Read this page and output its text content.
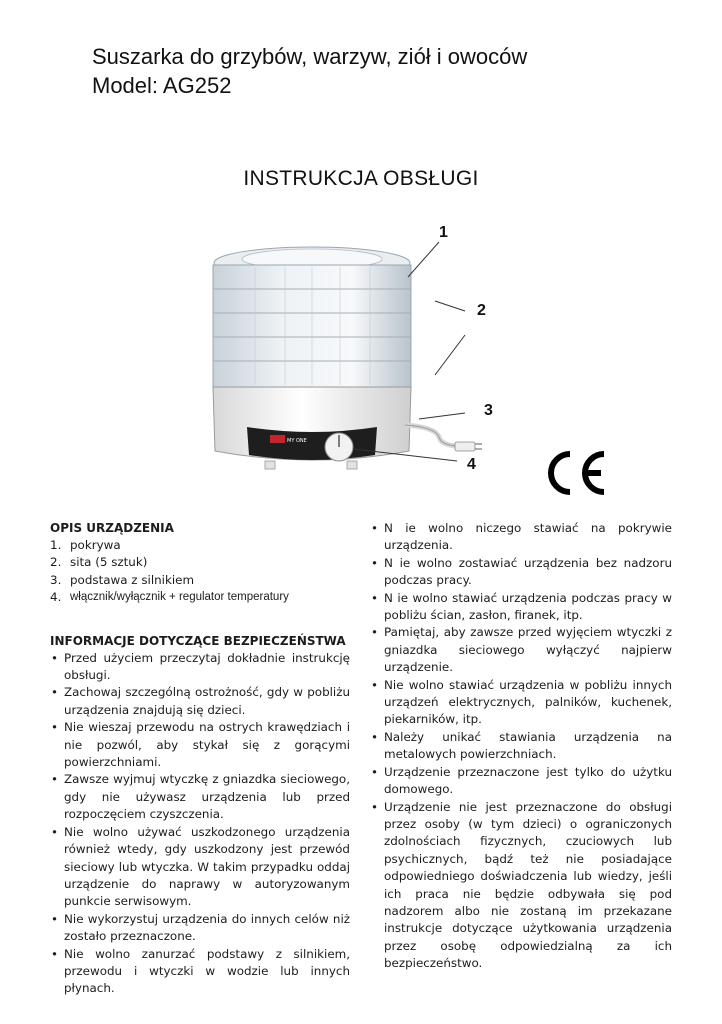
Suszarka do grzybów, warzyw, ziół i owoców
Model: AG252
INSTRUKCJA OBSŁUGI
MY ONE
1
2
3
4
OPIS URZĄDZENIA
1. pokrywa
2. sita (5 sztuk)
3. podstawa z silnikiem
4. włącznik/wyłącznik + regulator temperatury
INFORMACJE DOTYCZĄCE BEZPIECZEŃSTWA
• Przed użyciem przeczytaj dokładnie instrukcję obsługi.
• Zachowaj szczególną ostrożność, gdy w pobliżu urządzenia znajdują się dzieci.
• Nie wieszaj przewodu na ostrych krawędziach i nie pozwól, aby stykał się z gorącymi powierzchniami.
• Zawsze wyjmuj wtyczkę z gniazdka sieciowego, gdy nie używasz urządzenia lub przed rozpoczęciem czyszczenia.
• Nie wolno używać uszkodzonego urządzenia również wtedy, gdy uszkodzony jest przewód sieciowy lub wtyczka. W takim przypadku oddaj urządzenie do naprawy w autoryzowanym punkcie serwisowym.
• Nie wykorzystuj urządzenia do innych celów niż zostało przeznaczone.
• Nie wolno zanurzać podstawy z silnikiem, przewodu i wtyczki w wodzie lub innych płynach.
• N ie wolno niczego stawiać na pokrywie urządzenia.
• N ie wolno zostawiać urządzenia bez nadzoru podczas pracy.
• N ie wolno stawiać urządzenia podczas pracy w pobliżu ścian, zasłon, firanek, itp.
• Pamiętaj, aby zawsze przed wyjęciem wtyczki z gniazdka sieciowego wyłączyć najpierw urządzenie.
• Nie wolno stawiać urządzenia w pobliżu innych urządzeń elektrycznych, palników, kuchenek, piekarników, itp.
• Należy unikać stawiania urządzenia na metalowych powierzchniach.
• Urządzenie przeznaczone jest tylko do użytku domowego.
• Urządzenie nie jest przeznaczone do obsługi przez osoby (w tym dzieci) o ograniczonych zdolnościach fizycznych, czuciowych lub psychicznych, bądź też nie posiadające odpowiedniego doświadczenia lub wiedzy, jeśli ich praca nie będzie odbywała się pod nadzorem albo nie zostaną im przekazane instrukcje dotyczące użytkowania urządzenia przez osobę odpowiedzialną za ich bezpieczeństwo.
